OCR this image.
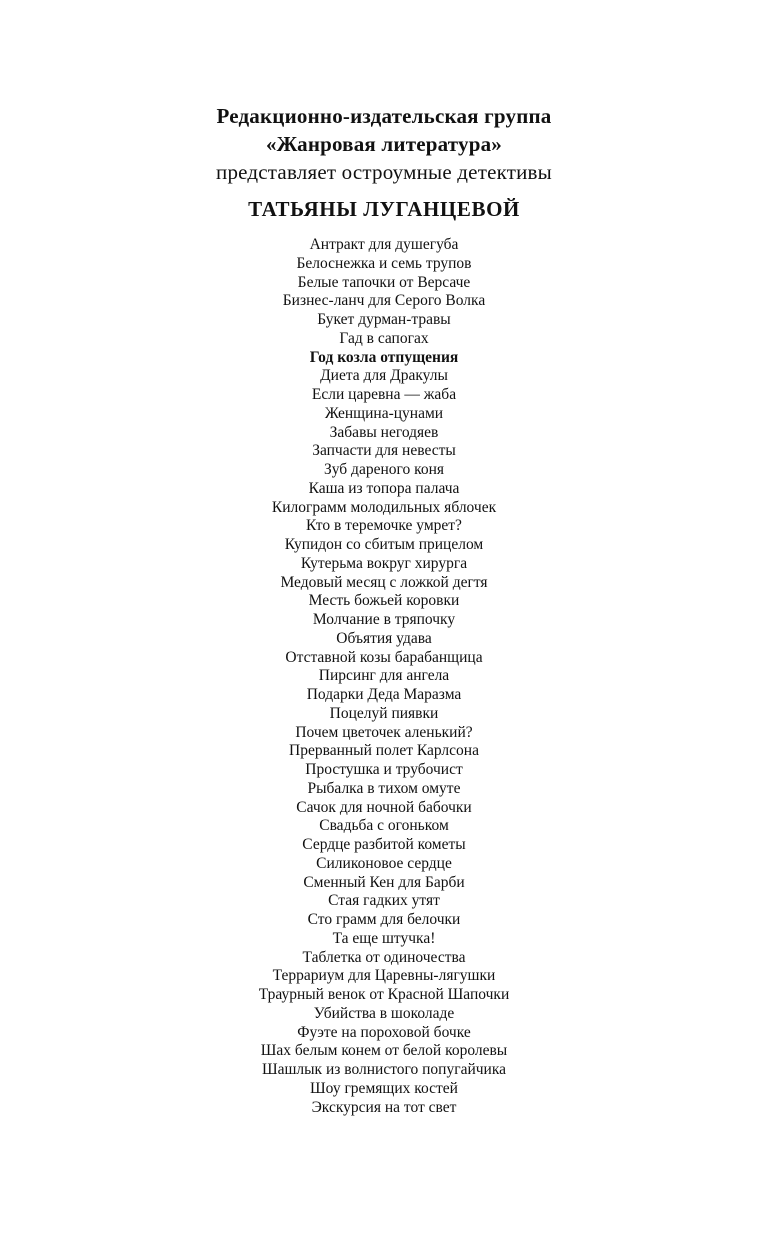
Редакционно-издательская группа

«Жанровая литература»

представляет остроумные детективы

ТАТЬЯНЫ ЛУГАНЦЕВОЙ

Антракт для душегуба
Белоснежка и семь трупов
Белые тапочки от Версаче
Бизнес-ланч для Серого Волка
Букет дурман-травы
Гад в сапогах
Год козла отпущения
Диета для Дракулы
Если царевна — жаба
Женщина-цунами
Забавы негодяев
Запчасти для невесты
Зуб дареного коня
Каша из топора палача
Килограмм молодильных яблочек
Кто в теремочке умрет?
Купидон со сбитым прицелом
Кутерьма вокруг хирурга
Медовый месяц с ложкой дегтя
Месть божьей коровки
Молчание в тряпочку
Объятия удава
Отставной козы барабанщица
Пирсинг для ангела
Подарки Деда Маразма
Поцелуй пиявки
Почем цветочек аленький?
Прерванный полет Карлсона
Простушка и трубочист
Рыбалка в тихом омуте
Сачок для ночной бабочки
Свадьба с огоньком
Сердце разбитой кометы
Силиконовое сердце
Сменный Кен для Барби
Стая гадких утят
Сто грамм для белочки
Та еще штучка!
Таблетка от одиночества
Террариум для Царевны-лягушки
Траурный венок от Красной Шапочки
Убийства в шоколаде
Фуэте на пороховой бочке
Шах белым конем от белой королевы
Шашлык из волнистого попугайчика
Шоу гремящих костей
Экскурсия на тот свет
